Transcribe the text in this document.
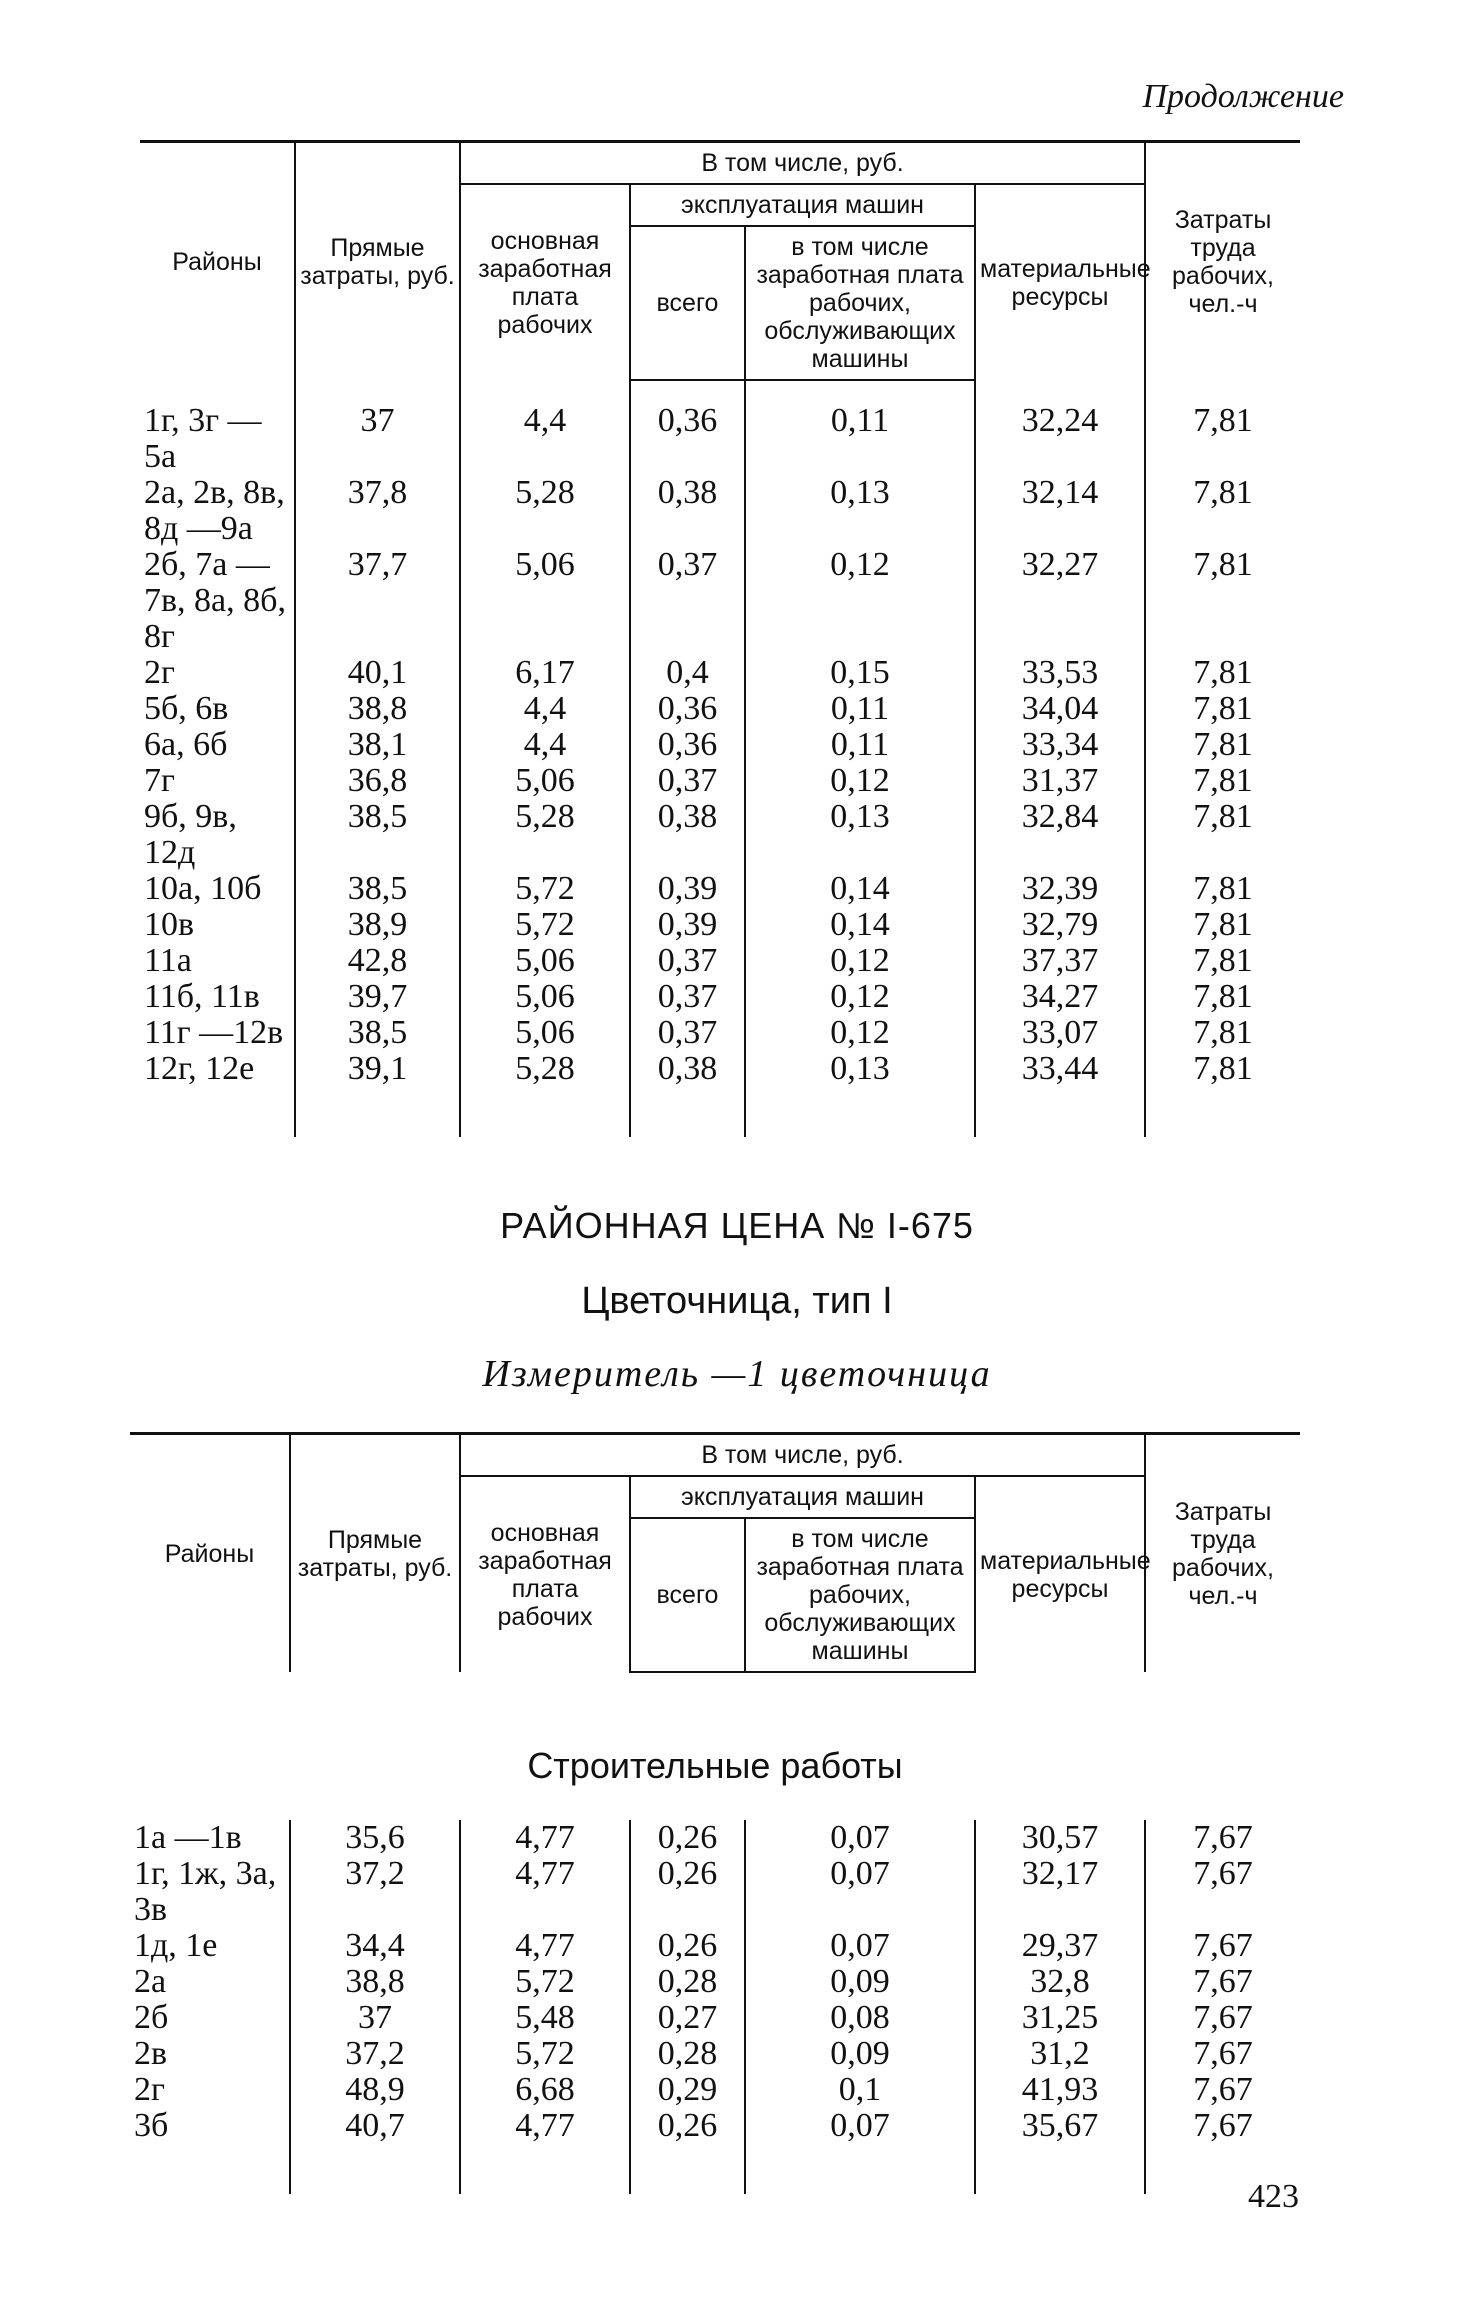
Продолжение
Районы	Прямые затраты, руб.	В том числе, руб.				Затраты труда рабочих, чел.-ч
		основная заработная плата рабочих	эксплуатация машин		материальные ресурсы	
			всего	в том числе заработная плата рабочих, обслуживающих машины		

1г, 3г — 5а	37	4,4	0,36	0,11	32,24	7,81
2а, 2в, 8в, 8д —9а	37,8	5,28	0,38	0,13	32,14	7,81
2б, 7а — 7в, 8а, 8б, 8г	37,7	5,06	0,37	0,12	32,27	7,81
2г	40,1	6,17	0,4	0,15	33,53	7,81
5б, 6в	38,8	4,4	0,36	0,11	34,04	7,81
6а, 6б	38,1	4,4	0,36	0,11	33,34	7,81
7г	36,8	5,06	0,37	0,12	31,37	7,81
9б, 9в, 12д	38,5	5,28	0,38	0,13	32,84	7,81
10а, 10б	38,5	5,72	0,39	0,14	32,39	7,81
10в	38,9	5,72	0,39	0,14	32,79	7,81
11а	42,8	5,06	0,37	0,12	37,37	7,81
11б, 11в	39,7	5,06	0,37	0,12	34,27	7,81
11г —12в	38,5	5,06	0,37	0,12	33,07	7,81
12г, 12е	39,1	5,28	0,38	0,13	33,44	7,81

РАЙОННАЯ ЦЕНА № I-675
Цветочница, тип I
Измеритель —1 цветочница
Районы	Прямые затраты, руб.	В том числе, руб.				Затраты труда рабочих, чел.-ч
		основная заработная плата рабочих	эксплуатация машин		материальные ресурсы	
			всего	в том числе заработная плата рабочих, обслуживающих машины		
Строительные работы
1а —1в	35,6	4,77	0,26	0,07	30,57	7,67
1г, 1ж, 3а, 3в	37,2	4,77	0,26	0,07	32,17	7,67
1д, 1е	34,4	4,77	0,26	0,07	29,37	7,67
2а	38,8	5,72	0,28	0,09	32,8	7,67
2б	37	5,48	0,27	0,08	31,25	7,67
2в	37,2	5,72	0,28	0,09	31,2	7,67
2г	48,9	6,68	0,29	0,1	41,93	7,67
3б	40,7	4,77	0,26	0,07	35,67	7,67

423
